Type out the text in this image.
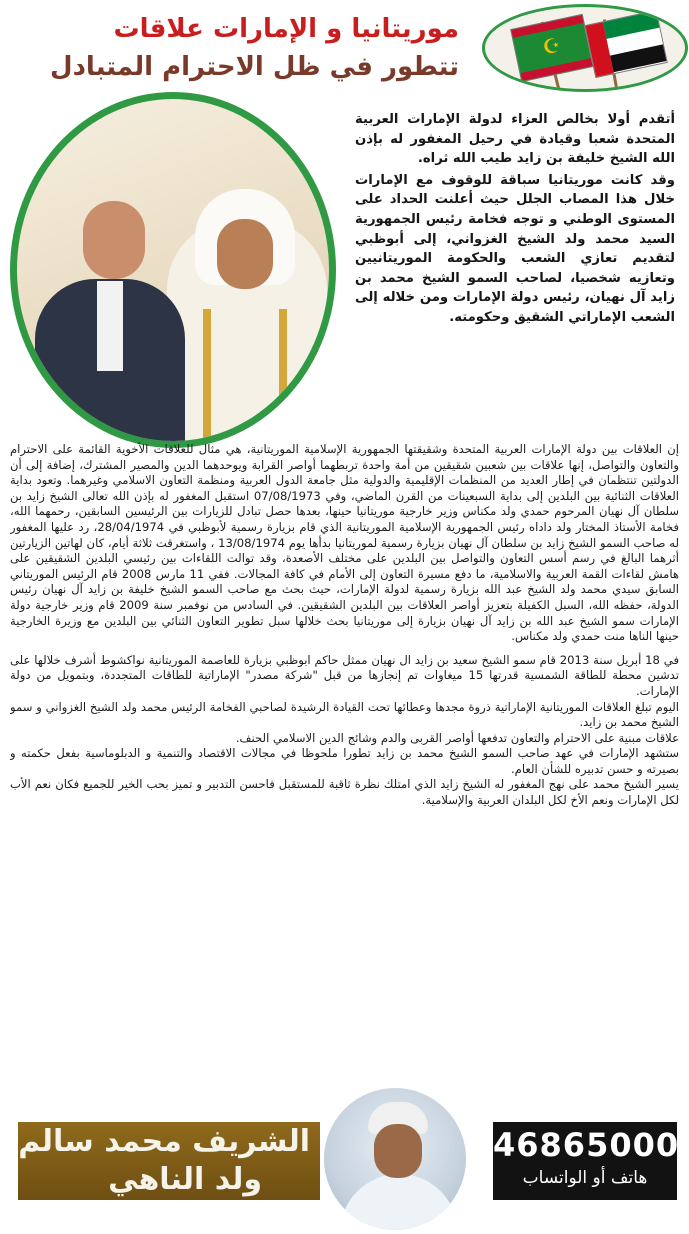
موريتانيا و الإمارات علاقات
تتطور في ظل الاحترام المتبادل
☪

أتقدم أولا بخالص العزاء لدولة الإمارات العربية المتحدة شعبا وقيادة في رحيل المغفور له بإذن الله الشيخ خليفة بن زايد طيب الله ثراه.

وقد كانت موريتانيا سباقة للوقوف مع الإمارات خلال هذا المصاب الجلل حيث أعلنت الحداد على المستوى الوطني و توجه فخامة رئيس الجمهورية السيد محمد ولد الشيخ الغزواني، إلى أبوظبي لتقديم تعازي الشعب والحكومة الموريتانيين وتعازيه شخصيا، لصاحب السمو الشيخ محمد بن زايد آل نهيان، رئيس دولة الإمارات ومن خلاله إلى الشعب الإماراتي الشقيق وحكومته.

إن العلاقات بين دولة الإمارات العربية المتحدة وشقيقتها الجمهورية الإسلامية الموريتانية، هي مثال للعلاقات الأخوية القائمة على الاحترام والتعاون والتواصل، إنها علاقات بين شعبين شقيقين من أمة واحدة تربطهما أواصر القرابة ويوحدهما الدين والمصير المشترك، إضافة إلى أن الدولتين تنتظمان في إطار العديد من المنظمات الإقليمية والدولية مثل جامعة الدول العربية ومنظمة التعاون الاسلامي وغيرهما. وتعود بداية العلاقات الثنائية بين البلدين إلى بداية السبعينات من القرن الماضي، وفي 07/08/1973 استقبل المغفور له بإذن الله تعالى الشيخ زايد بن سلطان آل نهيان المرحوم حمدي ولد مكناس وزير خارجية موريتانيا حينها، بعدها حصل تبادل للزيارات بين الرئيسين السابقين، رحمهما الله، فخامة الأستاذ المختار ولد داداه رئيس الجمهورية الإسلامية الموريتانية الذي قام بزيارة رسمية لأبوظبي في 28/04/1974، رد عليها المغفور له صاحب السمو الشيخ زايد بن سلطان آل نهيان بزيارة رسمية لموريتانيا بدأها يوم 13/08/1974 ، واستغرقت ثلاثة أيام، كان لهاتين الزيارتين أثرهما البالغ في رسم أسس التعاون والتواصل بين البلدين على مختلف الأصعدة، وقد توالت اللقاءات بين رئيسي البلدين الشقيقين على هامش لقاءات القمة العربية والاسلامية، ما دفع مسيرة التعاون إلى الأمام في كافة المجالات. ففي 11 مارس 2008 قام الرئيس الموريتاني السابق سيدي محمد ولد الشيخ عبد الله بزيارة رسمية لدولة الإمارات، حيث بحث مع صاحب السمو الشيخ خليفة بن زايد آل نهيان رئيس الدولة، حفظه الله، السبل الكفيلة بتعزيز أواصر العلاقات بين البلدين الشقيقين. في السادس من نوفمبر سنة 2009 قام وزير خارجية دولة الإمارات سمو الشيخ عبد الله بن زايد آل نهيان بزيارة إلى موريتانيا بحث خلالها سبل تطوير التعاون الثنائي بين البلدين مع وزيرة الخارجية حينها الناها منت حمدي ولد مكناس.

في 18 أبريل سنة 2013 قام سمو الشيخ سعيد بن زايد ال نهيان ممثل حاكم ابوظبي بزيارة للعاصمة الموريتانية نواكشوط أشرف خلالها على تدشين محطة للطاقة الشمسية قدرتها 15 ميغاوات تم إنجازها من قبل "شركة مصدر" الإماراتية للطاقات المتجددة، وبتمويل من دولة الإمارات.

اليوم تبلغ العلاقات الموريتانية الإماراتية ذروة مجدها وعطائها تحت القيادة الرشيدة لصاحبي الفخامة الرئيس محمد ولد الشيخ الغزواني و سمو الشيخ محمد بن زايد.

علاقات مبنية على الاحترام والتعاون تدفعها أواصر القربى والدم وشائج الدين الاسلامي الحنف.

ستشهد الإمارات في عهد صاحب السمو الشيخ محمد بن زايد تطورا ملحوظا في مجالات الاقتصاد والتنمية و الدبلوماسية بفعل حكمته و بصيرته و حسن تدبيره للشأن العام.

يسير الشيخ محمد على نهج المغفور له الشيخ زايد الذي امتلك نظرة ثاقبة للمستقبل فاحسن التدبير و تميز بحب الخير للجميع فكان نعم الأب لكل الإمارات ونعم الأخ لكل البلدان العربية والإسلامية.

الشريف محمد سالم
ولد الناهي
46865000
هاتف أو الواتساب
